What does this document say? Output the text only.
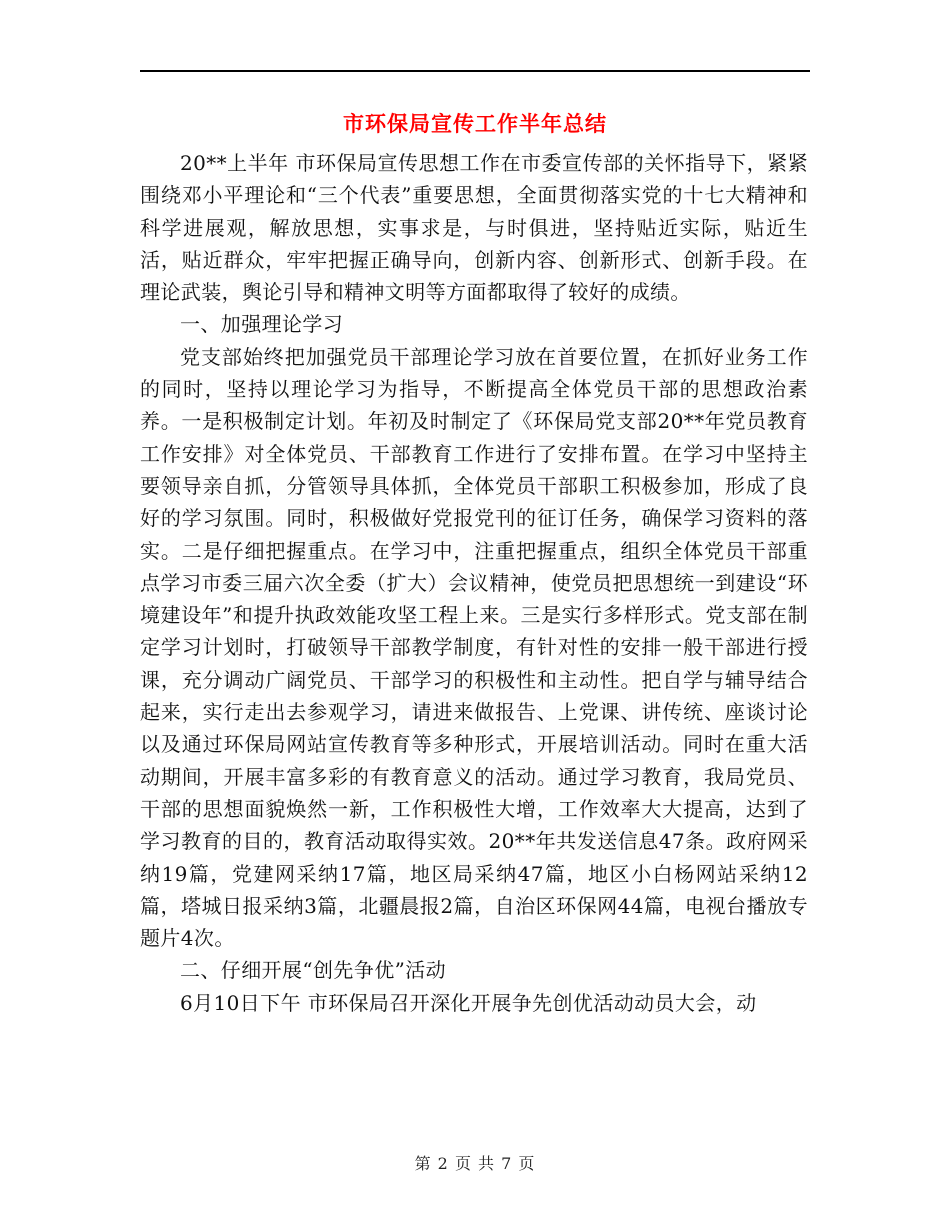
市环保局宣传工作半年总结

20**上半年 市环保局宣传思想工作在市委宣传部的关怀指导下，紧紧围绕邓小平理论和“三个代表”重要思想，全面贯彻落实党的十七大精神和科学进展观，解放思想，实事求是，与时俱进，坚持贴近实际，贴近生活，贴近群众，牢牢把握正确导向，创新内容、创新形式、创新手段。在理论武装，舆论引导和精神文明等方面都取得了较好的成绩。

一、加强理论学习

党支部始终把加强党员干部理论学习放在首要位置，在抓好业务工作的同时，坚持以理论学习为指导，不断提高全体党员干部的思想政治素养。一是积极制定计划。年初及时制定了《环保局党支部20**年党员教育工作安排》对全体党员、干部教育工作进行了安排布置。在学习中坚持主要领导亲自抓，分管领导具体抓，全体党员干部职工积极参加，形成了良好的学习氛围。同时，积极做好党报党刊的征订任务，确保学习资料的落实。二是仔细把握重点。在学习中，注重把握重点，组织全体党员干部重点学习市委三届六次全委（扩大）会议精神，使党员把思想统一到建设“环境建设年”和提升执政效能攻坚工程上来。三是实行多样形式。党支部在制定学习计划时，打破领导干部教学制度，有针对性的安排一般干部进行授课，充分调动广阔党员、干部学习的积极性和主动性。把自学与辅导结合起来，实行走出去参观学习，请进来做报告、上党课、讲传统、座谈讨论以及通过环保局网站宣传教育等多种形式，开展培训活动。同时在重大活动期间，开展丰富多彩的有教育意义的活动。通过学习教育，我局党员、干部的思想面貌焕然一新，工作积极性大增，工作效率大大提高，达到了学习教育的目的，教育活动取得实效。20**年共发送信息47条。政府网采纳19篇，党建网采纳17篇，地区局采纳47篇，地区小白杨网站采纳12篇，塔城日报采纳3篇，北疆晨报2篇，自治区环保网44篇，电视台播放专题片4次。

二、仔细开展“创先争优”活动

6月10日下午 市环保局召开深化开展争先创优活动动员大会，动

第 2 页 共 7 页
